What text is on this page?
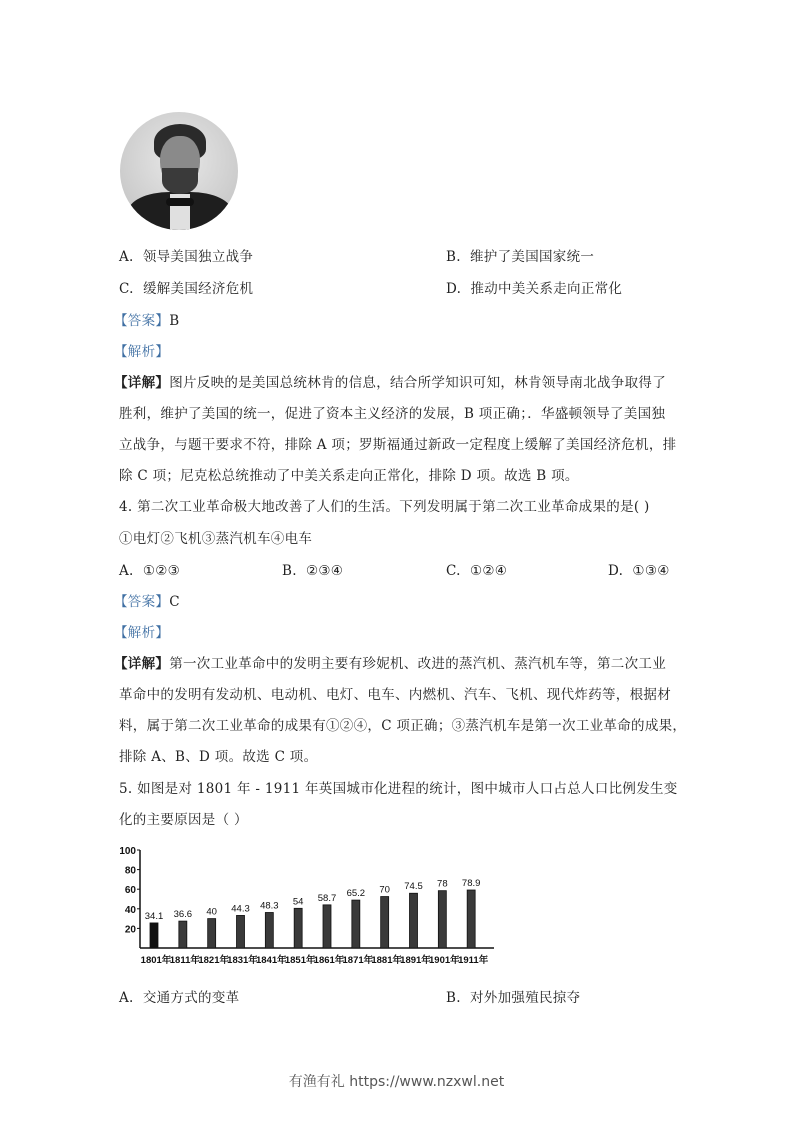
A. 领导美国独立战争	B. 维护了美国国家统一
C. 缓解美国经济危机	D. 推动中美关系走向正常化
【答案】B
【解析】
【详解】图片反映的是美国总统林肯的信息，结合所学知识可知，林肯领导南北战争取得了
胜利，维护了美国的统一，促进了资本主义经济的发展，B 项正确；．华盛顿领导了美国独
立战争，与题干要求不符，排除 A 项；罗斯福通过新政一定程度上缓解了美国经济危机，排
除 C 项；尼克松总统推动了中美关系走向正常化，排除 D 项。故选 B 项。
4. 第二次工业革命极大地改善了人们的生活。下列发明属于第二次工业革命成果的是( )
①电灯②飞机③蒸汽机车④电车
A. ①②③	B. ②③④	C. ①②④	D. ①③④
【答案】C
【解析】
【详解】第一次工业革命中的发明主要有珍妮机、改进的蒸汽机、蒸汽机车等，第二次工业
革命中的发明有发动机、电动机、电灯、电车、内燃机、汽车、飞机、现代炸药等，根据材
料，属于第二次工业革命的成果有①②④，C 项正确；③蒸汽机车是第一次工业革命的成果，
排除 A、B、D 项。故选 C 项。
5. 如图是对 1801 年 - 1911 年英国城市化进程的统计，图中城市人口占总人口比例发生变
化的主要原因是（ ）
20
40
60
80
100
34.1
1801年
36.6
1811年
40
1821年
44.3
1831年
48.3
1841年
54
1851年
58.7
1861年
65.2
1871年
70
1881年
74.5
1891年
78
1901年
78.9
1911年
A. 交通方式的变革	B. 对外加强殖民掠夺
有渔有礼 https://www.nzxwl.net
